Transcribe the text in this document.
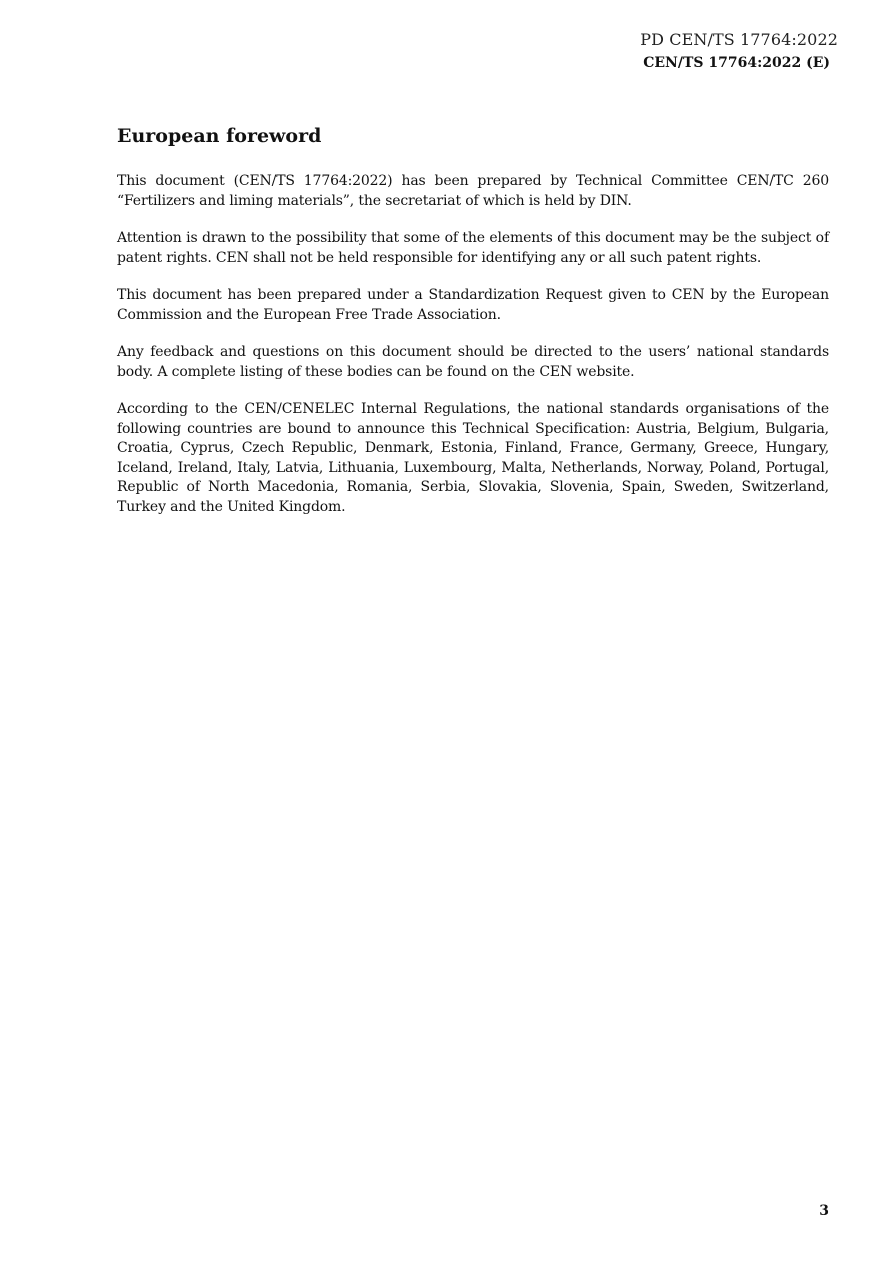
PD CEN/TS 17764:2022
CEN/TS 17764:2022 (E)
European foreword

This document (CEN/TS 17764:2022) has been prepared by Technical Committee CEN/TC 260 “Fertilizers and liming materials”, the secretariat of which is held by DIN.

Attention is drawn to the possibility that some of the elements of this document may be the subject of patent rights. CEN shall not be held responsible for identifying any or all such patent rights.

This document has been prepared under a Standardization Request given to CEN by the European Commission and the European Free Trade Association.

Any feedback and questions on this document should be directed to the users’ national standards body. A complete listing of these bodies can be found on the CEN website.

According to the CEN/CENELEC Internal Regulations, the national standards organisations of the following countries are bound to announce this Technical Specification: Austria, Belgium, Bulgaria, Croatia, Cyprus, Czech Republic, Denmark, Estonia, Finland, France, Germany, Greece, Hungary, Iceland, Ireland, Italy, Latvia, Lithuania, Luxembourg, Malta, Netherlands, Norway, Poland, Portugal, Republic of North Macedonia, Romania, Serbia, Slovakia, Slovenia, Spain, Sweden, Switzerland, Turkey and the United Kingdom.

3
